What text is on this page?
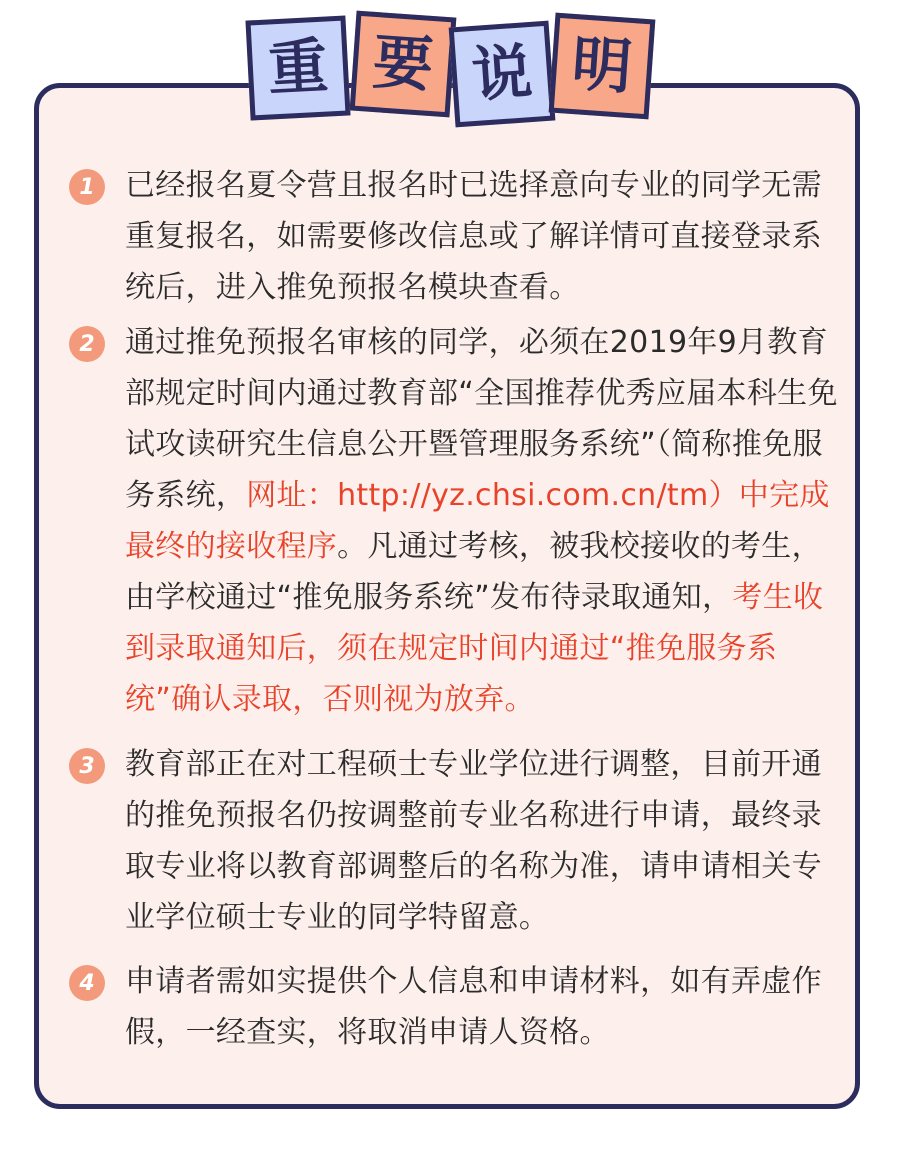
1	已经报名夏令营且报名时已选择意向专业的同学无需重复报名，如需要修改信息或了解详情可直接登录系统后，进入推免预报名模块查看。
2	通过推免预报名审核的同学，必须在2019年9月教育部规定时间内通过教育部“全国推荐优秀应届本科生免试攻读研究生信息公开暨管理服务系统”（简称推免服务系统，网址：http://yz.chsi.com.cn/tm）中完成最终的接收程序。凡通过考核，被我校接收的考生，由学校通过“推免服务系统”发布待录取通知，考生收到录取通知后，须在规定时间内通过“推免服务系统”确认录取，否则视为放弃。
3	教育部正在对工程硕士专业学位进行调整，目前开通的推免预报名仍按调整前专业名称进行申请，最终录取专业将以教育部调整后的名称为准，请申请相关专业学位硕士专业的同学特留意。
4	申请者需如实提供个人信息和申请材料，如有弄虚作假，一经查实，将取消申请人资格。
重 要 说 明
